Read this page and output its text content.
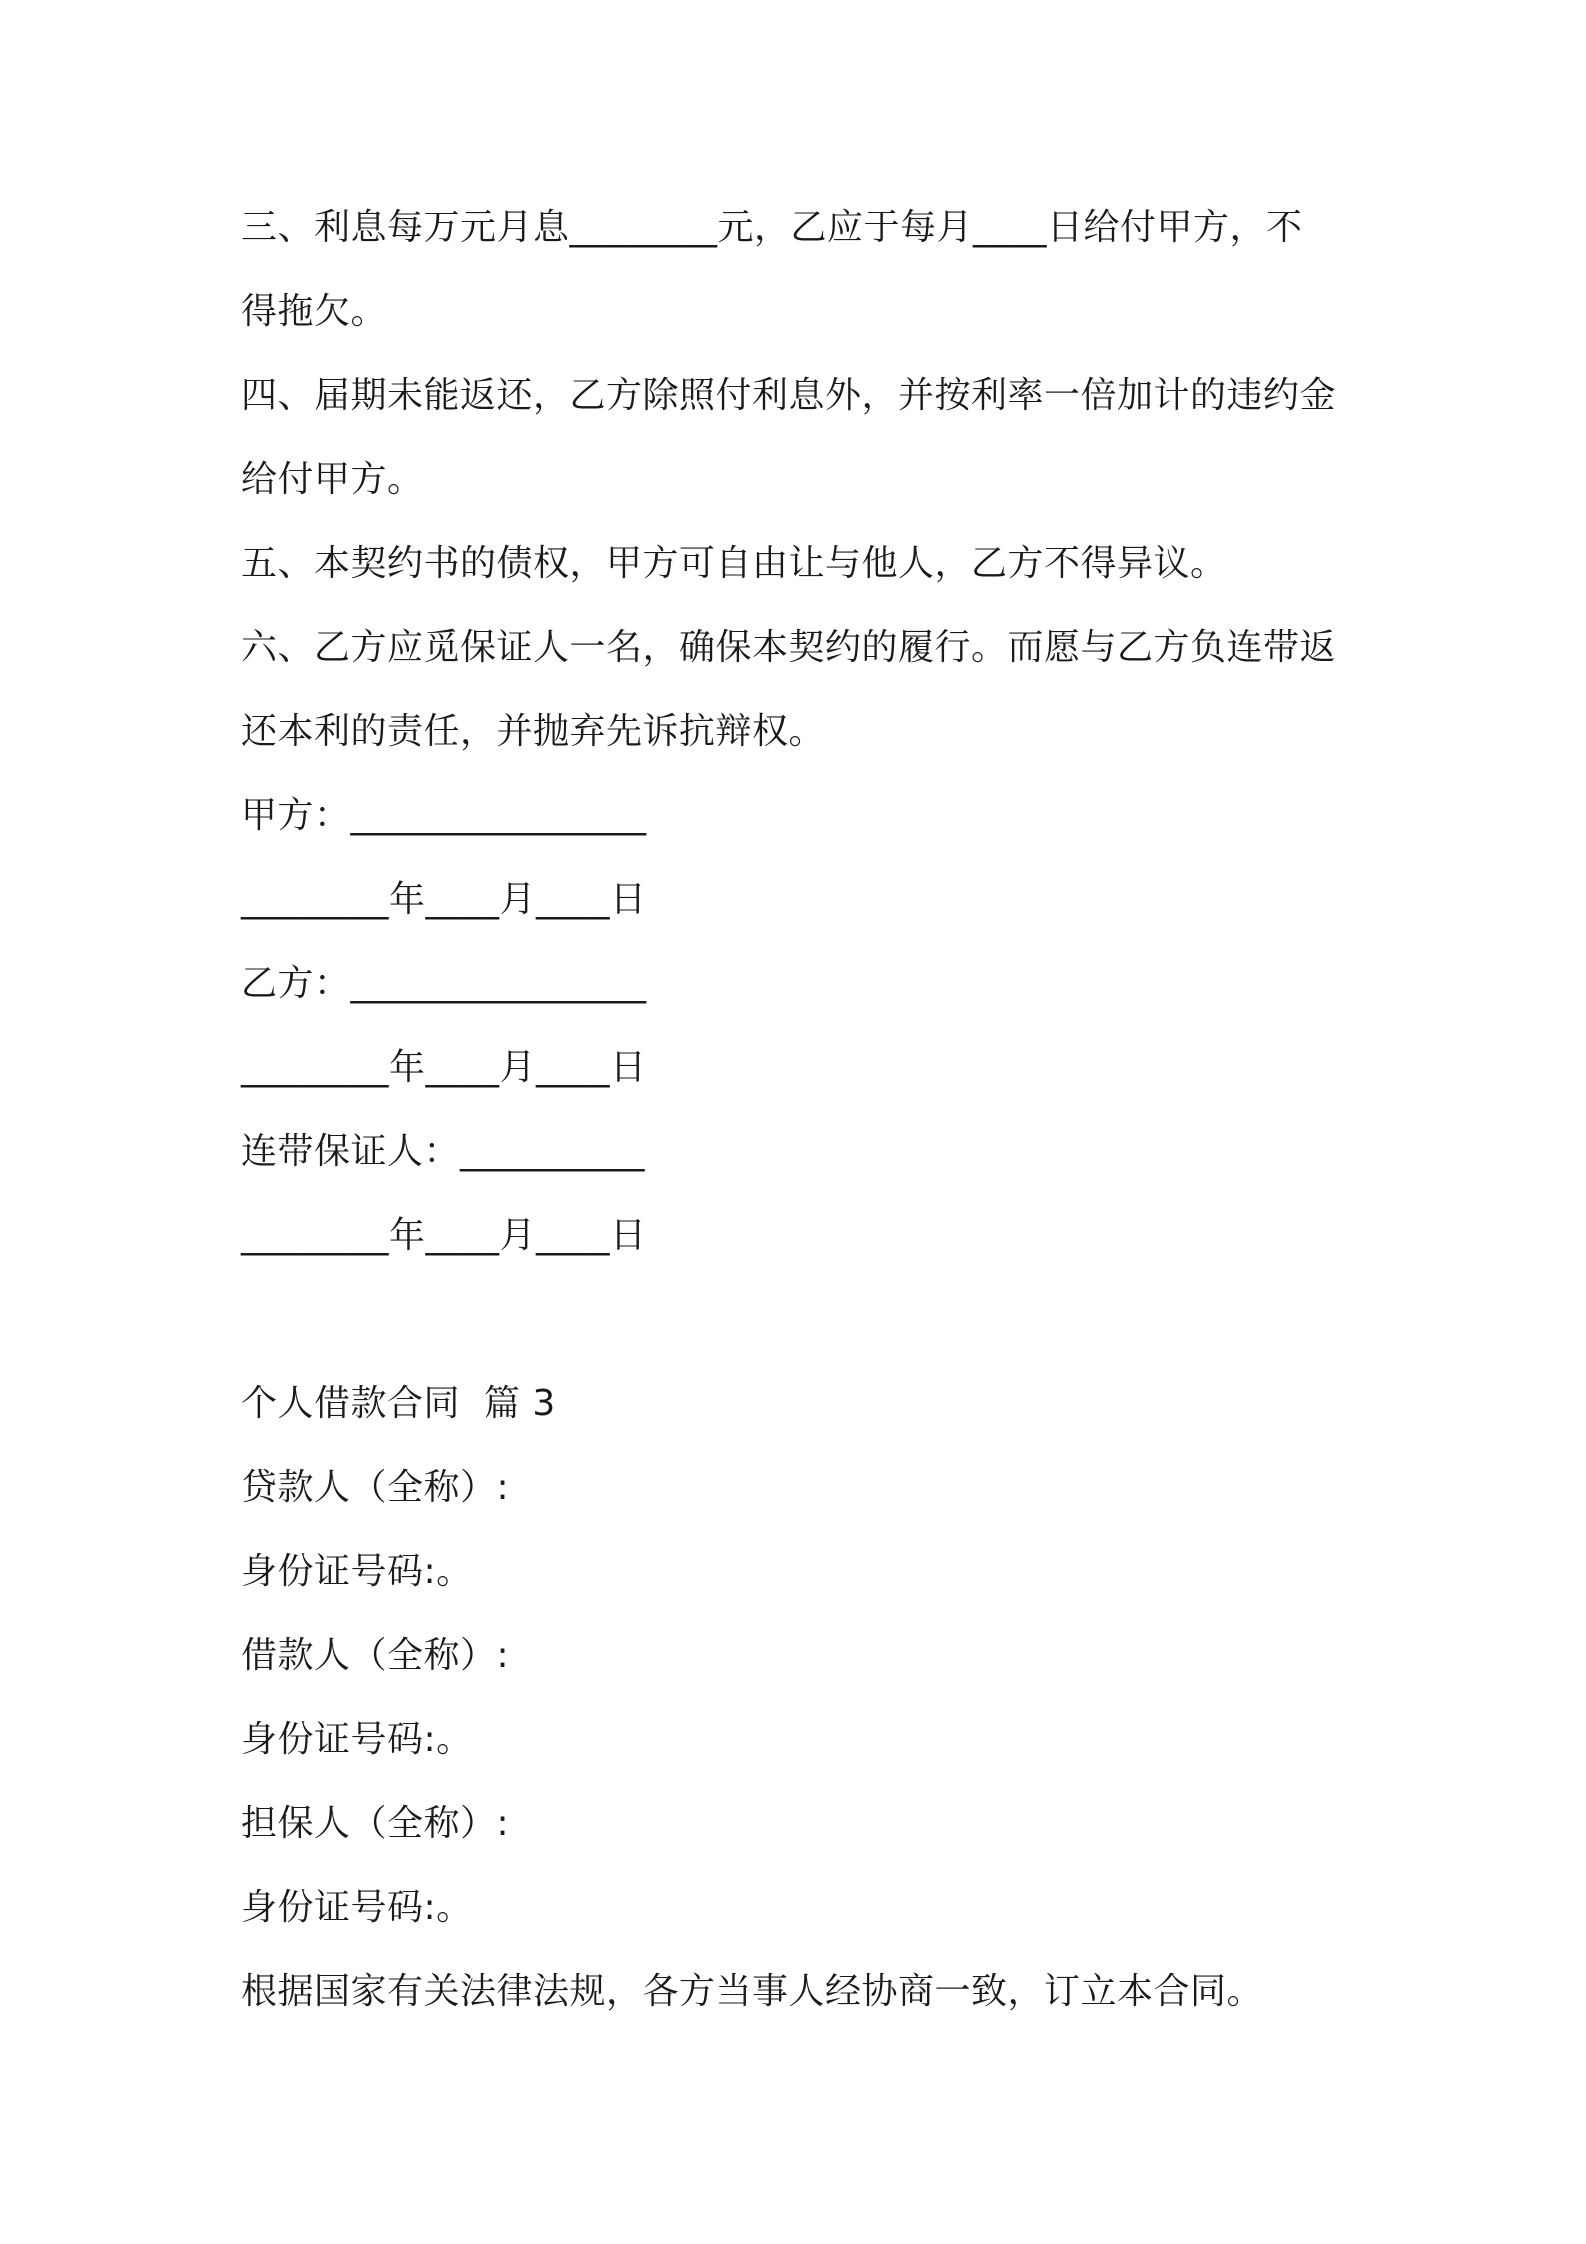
三、利息每万元月息________元，乙应于每月____日给付甲方，不
得拖欠。
四、届期未能返还，乙方除照付利息外，并按利率一倍加计的违约金
给付甲方。
五、本契约书的债权，甲方可自由让与他人，乙方不得异议。
六、乙方应觅保证人一名，确保本契约的履行。而愿与乙方负连带返
还本利的责任，并抛弃先诉抗辩权。
甲方：________________
________年____月____日
乙方：________________
________年____月____日
连带保证人：__________
________年____月____日
个人借款合同  篇 3
贷款人（全称）:
身份证号码:。
借款人（全称）:
身份证号码:。
担保人（全称）:
身份证号码:。
根据国家有关法律法规，各方当事人经协商一致，订立本合同。
